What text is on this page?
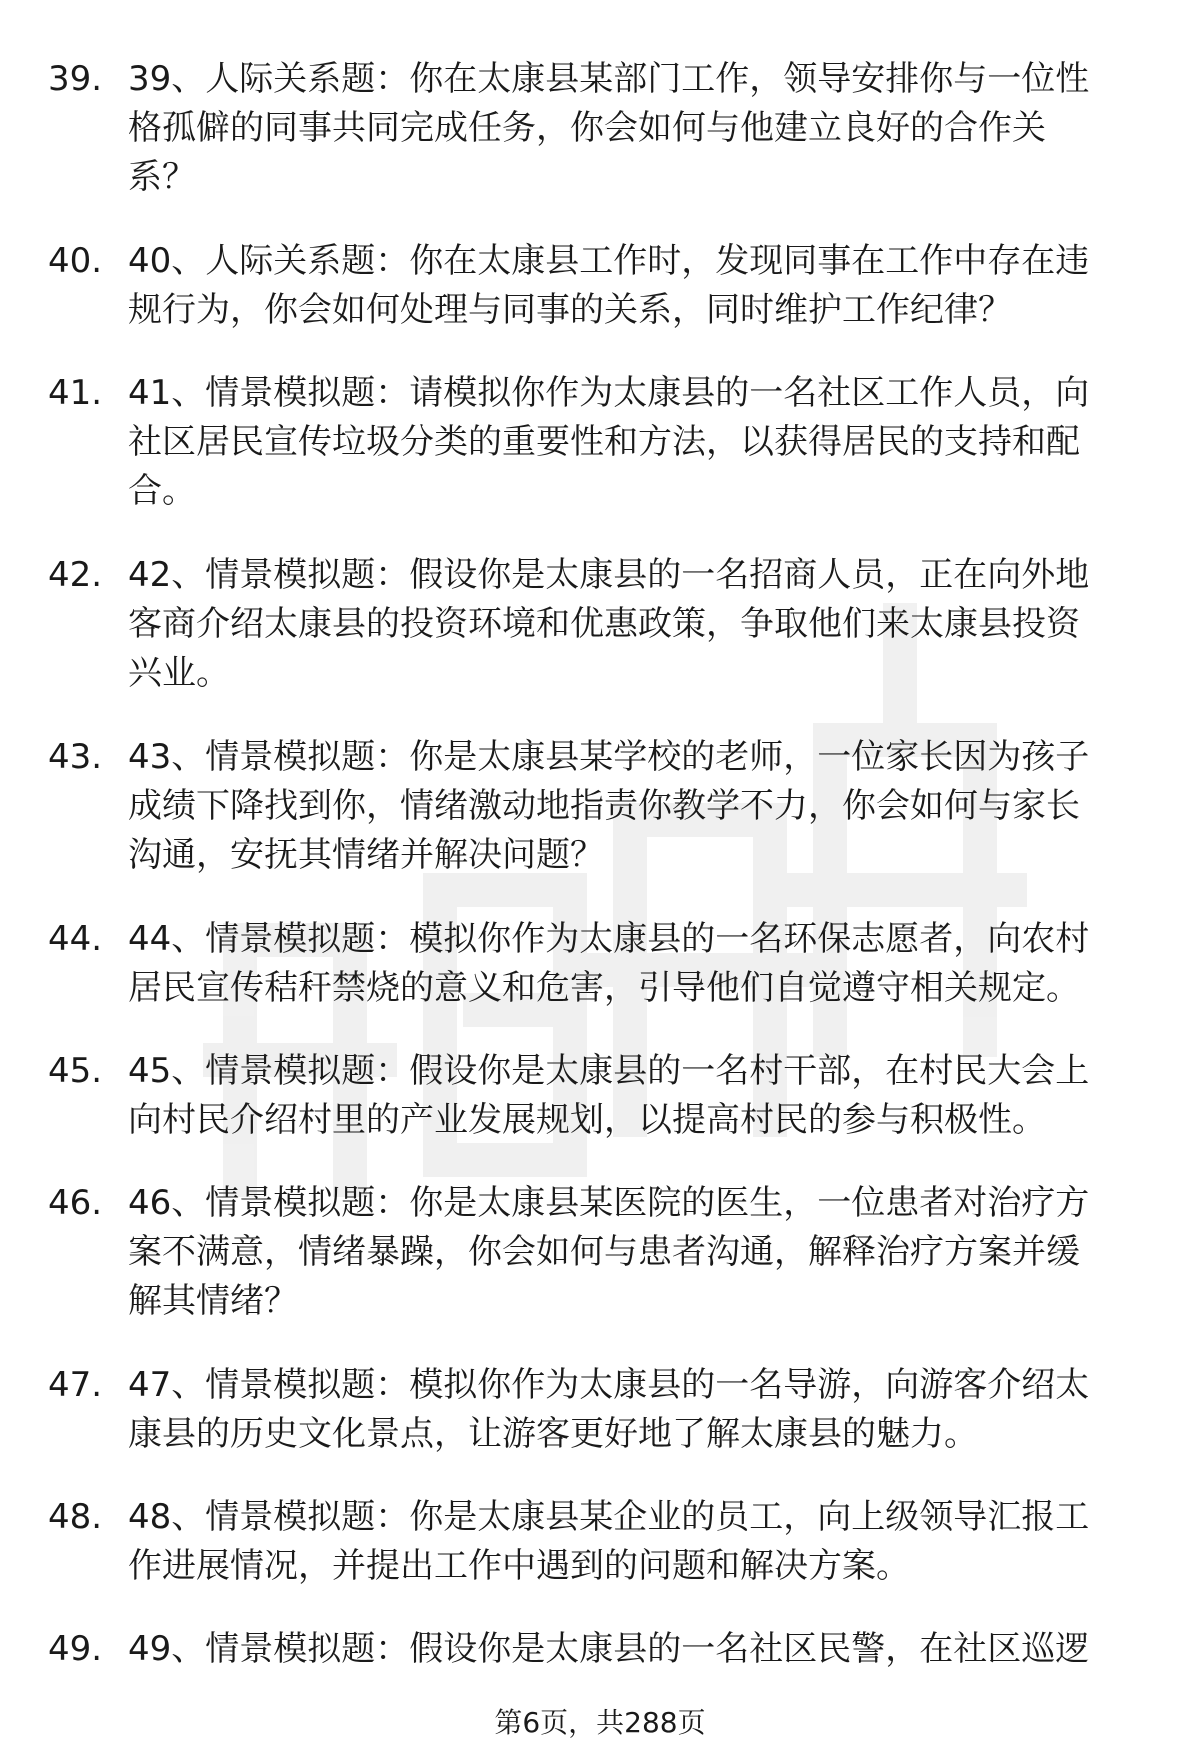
39. 39、人际关系题：你在太康县某部门工作，领导安排你与一位性
格孤僻的同事共同完成任务，你会如何与他建立良好的合作关
系？
40. 40、人际关系题：你在太康县工作时，发现同事在工作中存在违
规行为，你会如何处理与同事的关系，同时维护工作纪律？
41. 41、情景模拟题：请模拟你作为太康县的一名社区工作人员，向
社区居民宣传垃圾分类的重要性和方法，以获得居民的支持和配
合。
42. 42、情景模拟题：假设你是太康县的一名招商人员，正在向外地
客商介绍太康县的投资环境和优惠政策，争取他们来太康县投资
兴业。
43. 43、情景模拟题：你是太康县某学校的老师，一位家长因为孩子
成绩下降找到你，情绪激动地指责你教学不力，你会如何与家长
沟通，安抚其情绪并解决问题？
44. 44、情景模拟题：模拟你作为太康县的一名环保志愿者，向农村
居民宣传秸秆禁烧的意义和危害，引导他们自觉遵守相关规定。
45. 45、情景模拟题：假设你是太康县的一名村干部，在村民大会上
向村民介绍村里的产业发展规划，以提高村民的参与积极性。
46. 46、情景模拟题：你是太康县某医院的医生，一位患者对治疗方
案不满意，情绪暴躁，你会如何与患者沟通，解释治疗方案并缓
解其情绪？
47. 47、情景模拟题：模拟你作为太康县的一名导游，向游客介绍太
康县的历史文化景点，让游客更好地了解太康县的魅力。
48. 48、情景模拟题：你是太康县某企业的员工，向上级领导汇报工
作进展情况，并提出工作中遇到的问题和解决方案。
49. 49、情景模拟题：假设你是太康县的一名社区民警，在社区巡逻
第6页，共288页
